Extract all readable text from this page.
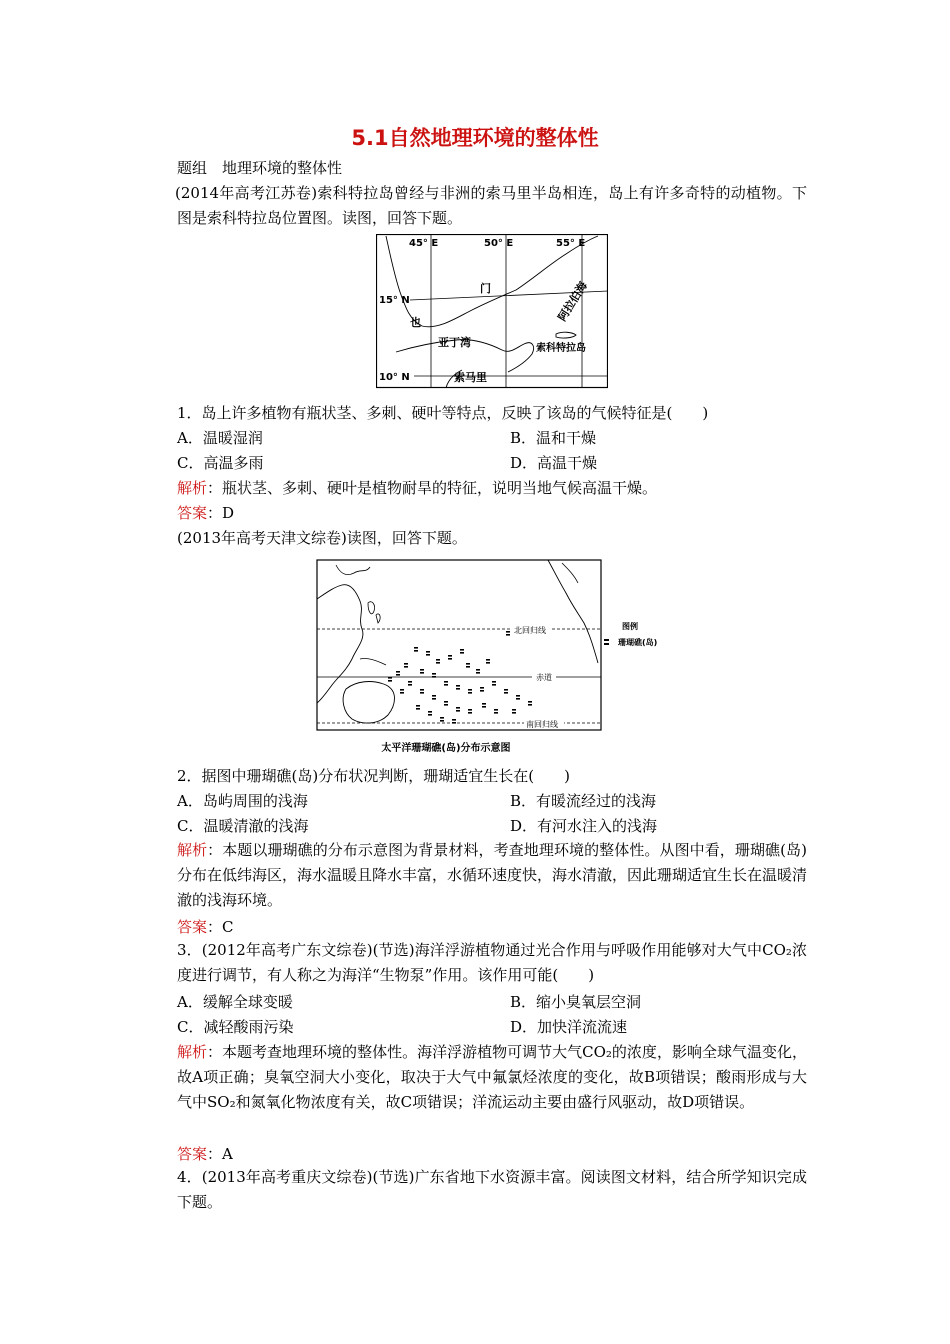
5.1自然地理环境的整体性
题组　地理环境的整体性
(2014年高考江苏卷)索科特拉岛曾经与非洲的索马里半岛相连，岛上有许多奇特的动植物。下图是索科特拉岛位置图。读图，回答下题。
45° E	50° E	55° E
15° N
10° N
门
也
亚丁湾
阿拉伯海
索科特拉岛
索马里
1．岛上许多植物有瓶状茎、多刺、硬叶等特点，反映了该岛的气候特征是(　　)
A．温暖湿润	B．温和干燥
C．高温多雨	D．高温干燥
解析：瓶状茎、多刺、硬叶是植物耐旱的特征，说明当地气候高温干燥。
答案：D
(2013年高考天津文综卷)读图，回答下题。
北回归线
赤道
南回归线
图例
珊瑚礁(岛)
太平洋珊瑚礁(岛)分布示意图
2．据图中珊瑚礁(岛)分布状况判断，珊瑚适宜生长在(　　)
A．岛屿周围的浅海	B．有暖流经过的浅海
C．温暖清澈的浅海	D．有河水注入的浅海
解析：本题以珊瑚礁的分布示意图为背景材料，考查地理环境的整体性。从图中看，珊瑚礁(岛)分布在低纬海区，海水温暖且降水丰富，水循环速度快，海水清澈，因此珊瑚适宜生长在温暖清澈的浅海环境。
答案：C
3．(2012年高考广东文综卷)(节选)海洋浮游植物通过光合作用与呼吸作用能够对大气中CO₂浓度进行调节，有人称之为海洋“生物泵”作用。该作用可能(　　)
A．缓解全球变暖	B．缩小臭氧层空洞
C．减轻酸雨污染	D．加快洋流流速
解析：本题考查地理环境的整体性。海洋浮游植物可调节大气CO₂的浓度，影响全球气温变化，故A项正确；臭氧空洞大小变化，取决于大气中氟氯烃浓度的变化，故B项错误；酸雨形成与大气中SO₂和氮氧化物浓度有关，故C项错误；洋流运动主要由盛行风驱动，故D项错误。
答案：A
4．(2013年高考重庆文综卷)(节选)广东省地下水资源丰富。阅读图文材料，结合所学知识完成下题。
